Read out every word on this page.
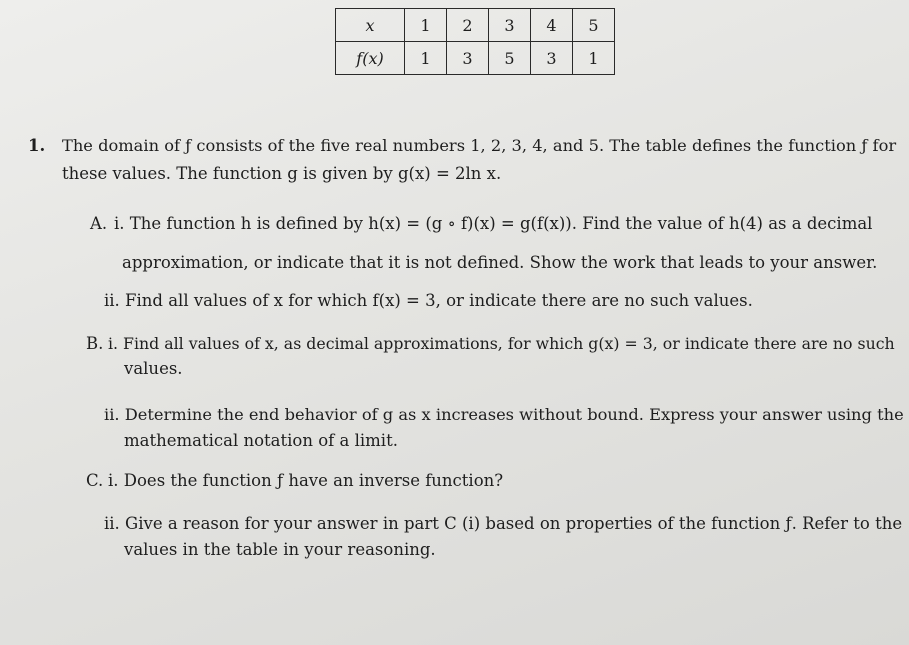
x	1	2	3	4	5
f(x)	1	3	5	3	1
1. The domain of ƒ consists of the five real numbers 1, 2, 3, 4, and 5. The table defines the function ƒ for
these values. The function g is given by g(x) = 2ln x.
A. i. The function h is defined by h(x) = (g ∘ f)(x) = g(f(x)). Find the value of h(4) as a decimal
approximation, or indicate that it is not defined. Show the work that leads to your answer.
ii. Find all values of x for which f(x) = 3, or indicate there are no such values.
B. i. Find all values of x, as decimal approximations, for which g(x) = 3, or indicate there are no such
values.
ii. Determine the end behavior of g as x increases without bound. Express your answer using the
mathematical notation of a limit.
C. i. Does the function ƒ have an inverse function?
ii. Give a reason for your answer in part C (i) based on properties of the function ƒ. Refer to the
values in the table in your reasoning.
